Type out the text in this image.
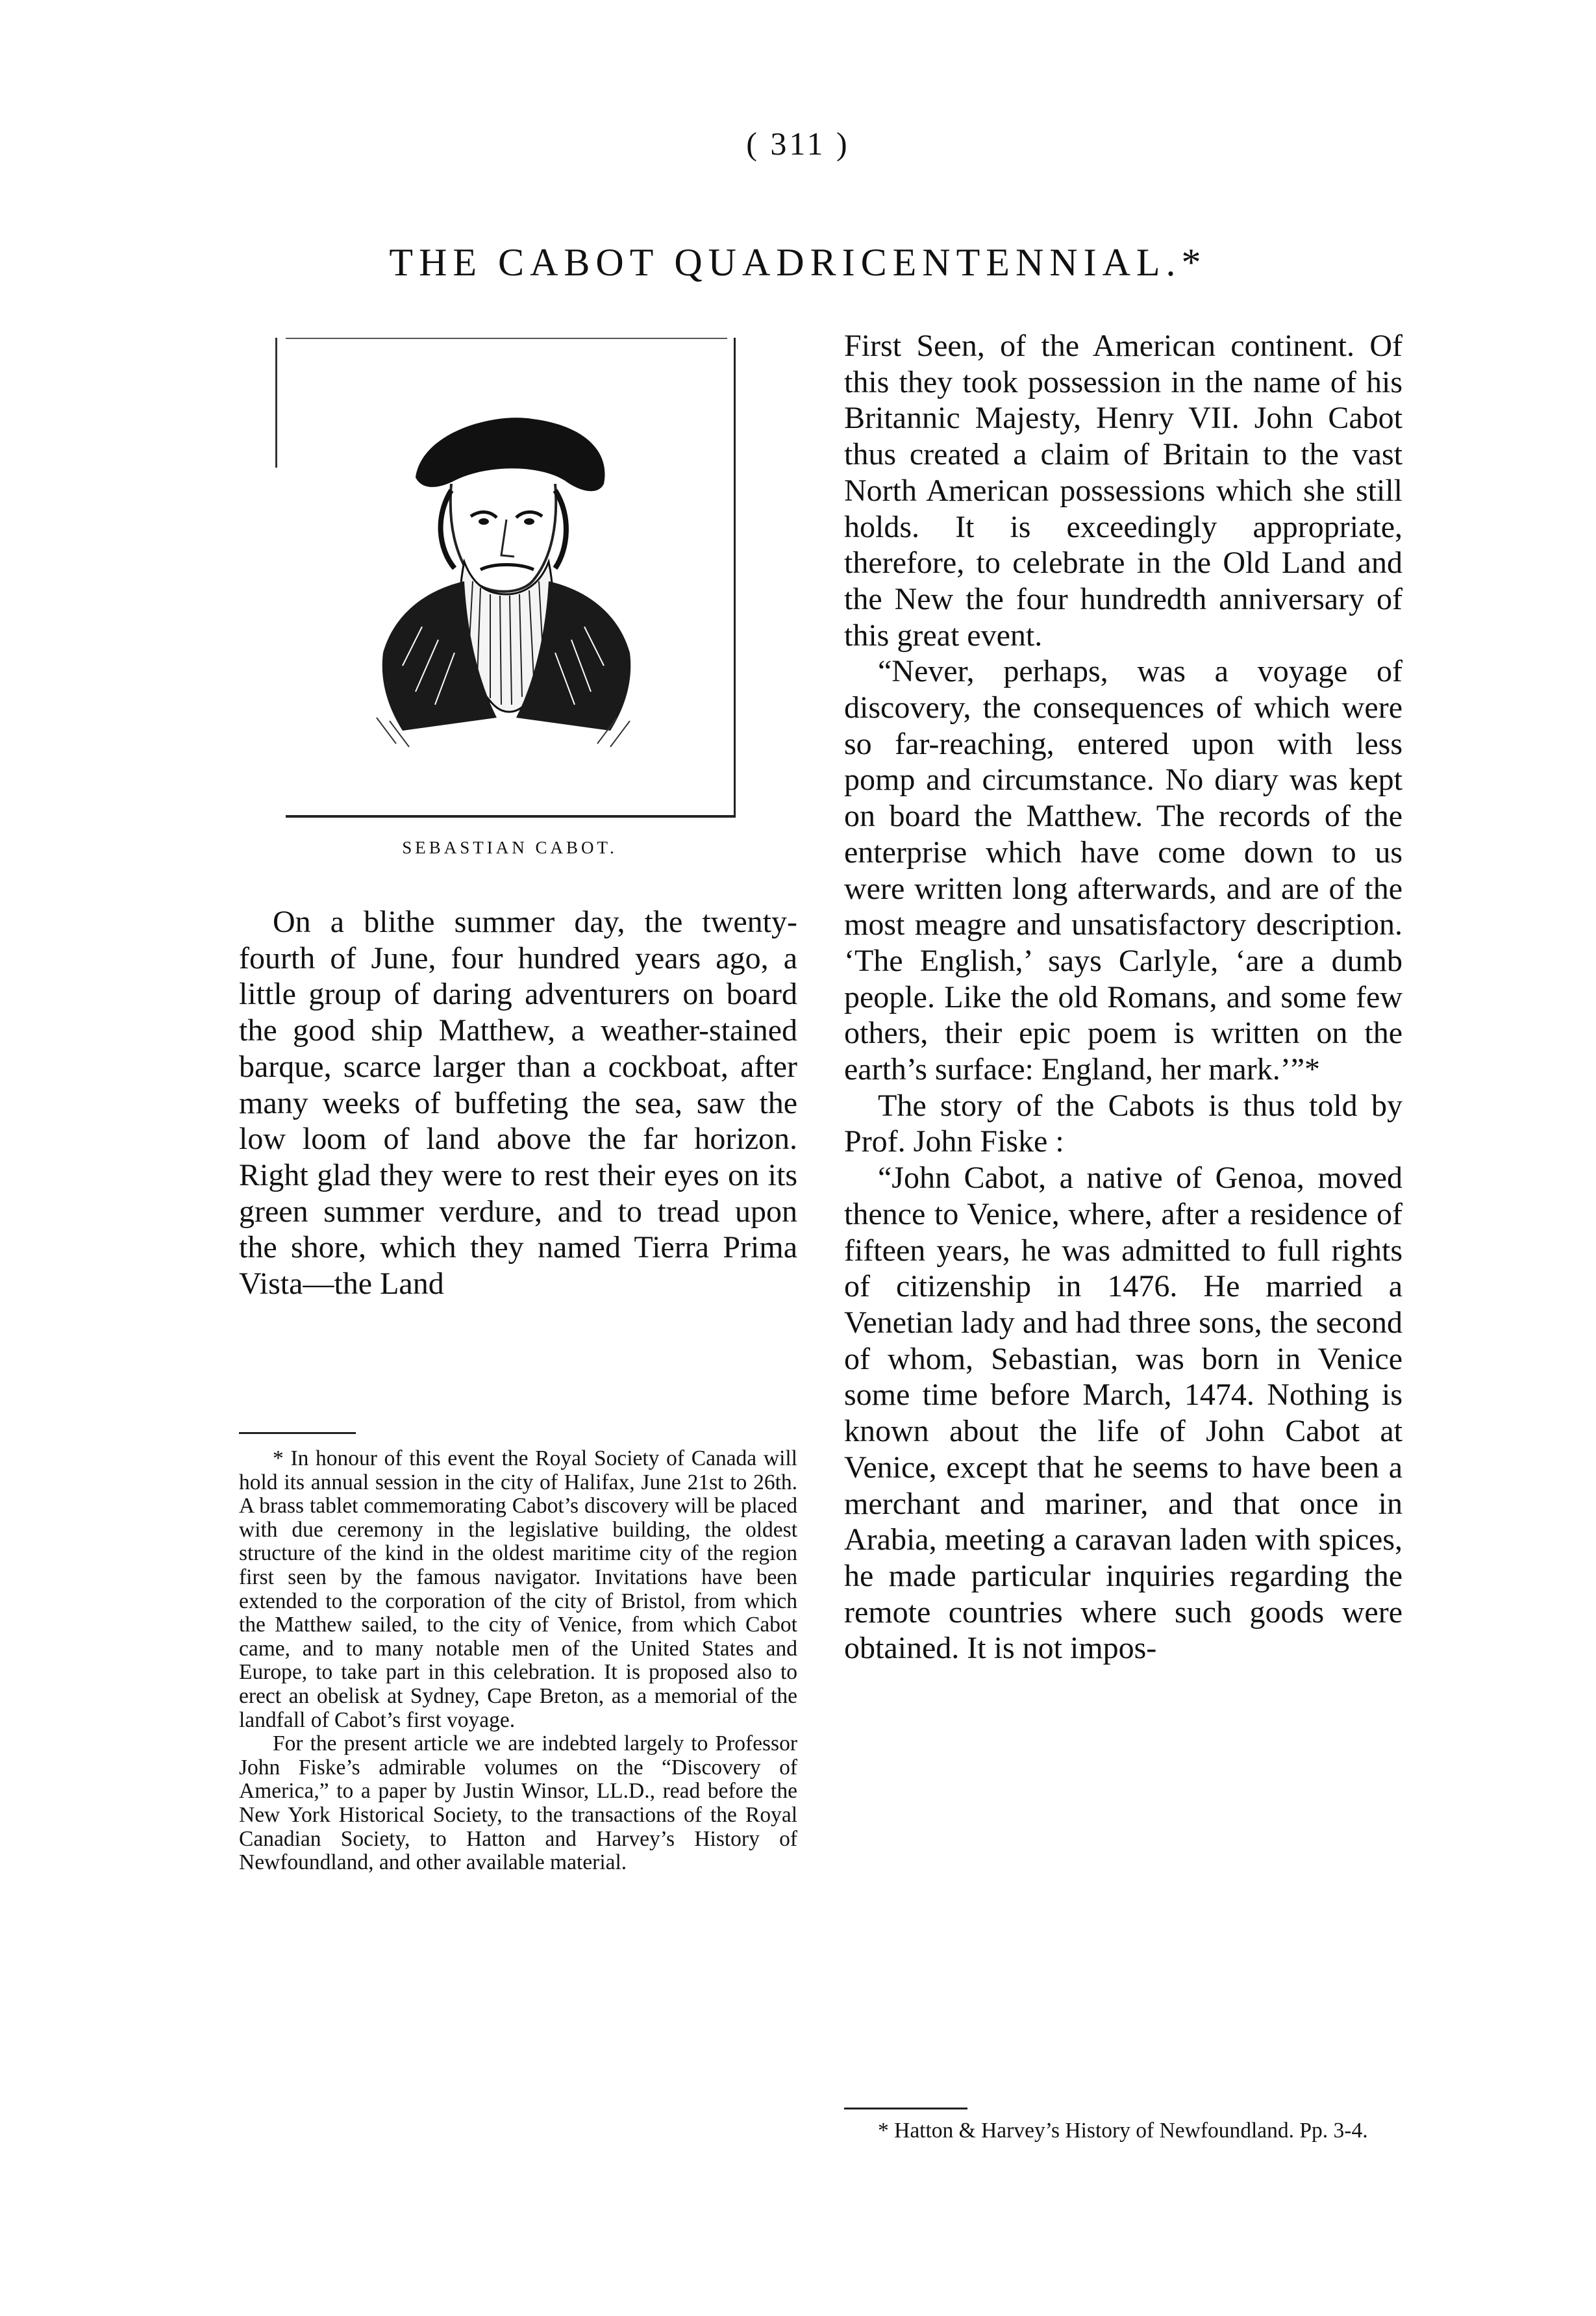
( 311 )
THE CABOT QUADRICENTENNIAL.*
SEBASTIAN CABOT.

On a blithe summer day, the twenty-fourth of June, four hundred years ago, a little group of daring adventurers on board the good ship Matthew, a weather-stained barque, scarce larger than a cockboat, after many weeks of buffeting the sea, saw the low loom of land above the far horizon. Right glad they were to rest their eyes on its green summer verdure, and to tread upon the shore, which they named Tierra Prima Vista—the Land

* In honour of this event the Royal Society of Canada will hold its annual session in the city of Halifax, June 21st to 26th. A brass tablet commemorating Cabot’s discovery will be placed with due ceremony in the legislative building, the oldest structure of the kind in the oldest maritime city of the region first seen by the famous navigator. Invitations have been extended to the corporation of the city of Bristol, from which the Matthew sailed, to the city of Venice, from which Cabot came, and to many notable men of the United States and Europe, to take part in this celebration. It is proposed also to erect an obelisk at Sydney, Cape Breton, as a memorial of the landfall of Cabot’s first voyage.

For the present article we are indebted largely to Professor John Fiske’s admirable volumes on the “Discovery of America,” to a paper by Justin Winsor, LL.D., read before the New York Historical Society, to the transactions of the Royal Canadian Society, to Hatton and Harvey’s History of Newfoundland, and other available material.

First Seen, of the American continent. Of this they took possession in the name of his Britannic Majesty, Henry VII. John Cabot thus created a claim of Britain to the vast North American possessions which she still holds. It is exceedingly appropriate, therefore, to celebrate in the Old Land and the New the four hundredth anniversary of this great event.

“Never, perhaps, was a voyage of discovery, the consequences of which were so far-reaching, entered upon with less pomp and circumstance. No diary was kept on board the Matthew. The records of the enterprise which have come down to us were written long afterwards, and are of the most meagre and unsatisfactory description. ‘The English,’ says Carlyle, ‘are a dumb people. Like the old Romans, and some few others, their epic poem is written on the earth’s surface: England, her mark.’”*

The story of the Cabots is thus told by Prof. John Fiske :

“John Cabot, a native of Genoa, moved thence to Venice, where, after a residence of fifteen years, he was admitted to full rights of citizenship in 1476. He married a Venetian lady and had three sons, the second of whom, Sebastian, was born in Venice some time before March, 1474. Nothing is known about the life of John Cabot at Venice, except that he seems to have been a merchant and mariner, and that once in Arabia, meeting a caravan laden with spices, he made particular inquiries regarding the remote countries where such goods were obtained. It is not impos-

* Hatton & Harvey’s History of Newfoundland. Pp. 3-4.
